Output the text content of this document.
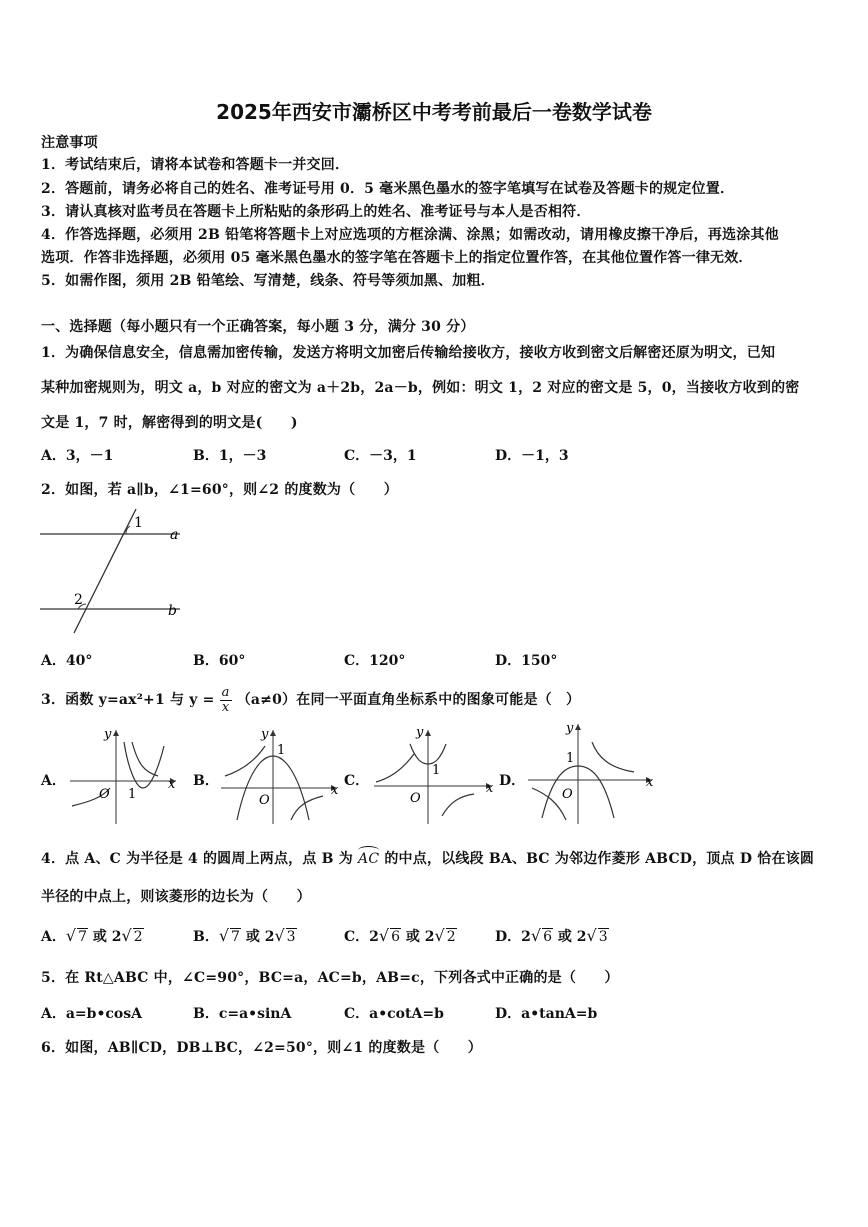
2025年西安市灞桥区中考考前最后一卷数学试卷
注意事项
1．考试结束后，请将本试卷和答题卡一并交回．
2．答题前，请务必将自己的姓名、准考证号用 0．5 毫米黑色墨水的签字笔填写在试卷及答题卡的规定位置．
3．请认真核对监考员在答题卡上所粘贴的条形码上的姓名、准考证号与本人是否相符．
4．作答选择题，必须用 2B 铅笔将答题卡上对应选项的方框涂满、涂黑；如需改动，请用橡皮擦干净后，再选涂其他
选项．作答非选择题，必须用 05 毫米黑色墨水的签字笔在答题卡上的指定位置作答，在其他位置作答一律无效．
5．如需作图，须用 2B 铅笔绘、写清楚，线条、符号等须加黑、加粗．
一、选择题（每小题只有一个正确答案，每小题 3 分，满分 30 分）
1．为确保信息安全，信息需加密传输，发送方将明文加密后传输给接收方，接收方收到密文后解密还原为明文，已知
某种加密规则为，明文 a，b 对应的密文为 a＋2b，2a－b，例如：明文 1，2 对应的密文是 5，0，当接收方收到的密
文是 1，7 时，解密得到的明文是(　　)
A．3，－1	B．1，－3	C．－3，1	D．－1，3
2．如图，若 a∥b，∠1=60°，则∠2 的度数为（　　）
1
2
a
b
A．40°	B．60°	C．120°	D．150°
3．函数 y=ax²+1 与 $y = \frac{a}{x} (a\ne 0)$在同一平面直角坐标系中的图象可能是（　）
A．	B．	C．	D．
x
y
O 1	x
y
O
1
x
y
O
1
x
y
O
1
4．点 A、C 为半径是 4 的圆周上两点，点 B 为 AC 的中点，以线段 BA、BC 为邻边作菱形 ABCD，顶点 D 恰在该圆
半径的中点上，则该菱形的边长为（　　）
A．√ 7 或 2√ 2	B．√ 7 或 2√ 3	C．2√ 6 或 2√ 2	D．2√ 6 或 2√ 3
5．在 Rt△ABC 中，∠C=90°，BC=a，AC=b，AB=c，下列各式中正确的是（　　）
A．a=b•cosA	B．c=a•sinA	C．a•cotA=b	D．a•tanA=b
6．如图，AB∥CD，DB⊥BC，∠2=50°，则∠1 的度数是（　　）
